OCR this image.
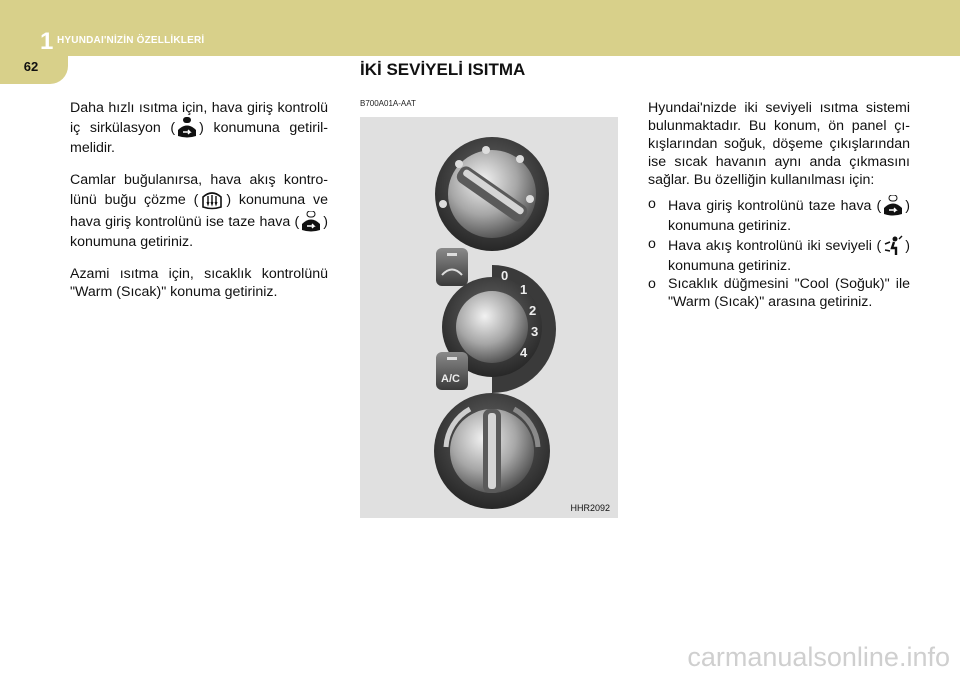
1 HYUNDAI'NİZİN ÖZELLİKLERİ
62	İKİ SEVİYELİ ISITMA

Daha hızlı ısıtma için, hava giriş kontrolü iç sirkülasyon ( ) konumuna getiril-melidir.

Camlar buğulanırsa, hava akış kontro-lünü buğu çözme ( ) konumuna ve hava giriş kontrolünü ise taze hava ( ) konumuna getiriniz.

Azami ısıtma için, sıcaklık kontrolünü "Warm (Sıcak)" konuma getiriniz.

B700A01A-AAT
0
1
2
3
4
A/C
HHR2092

Hyundai'nizde iki seviyeli ısıtma sistemi bulunmaktadır. Bu konum, ön panel çı-kışlarından soğuk, döşeme çıkışlarından ise sıcak havanın aynı anda çıkmasını sağlar. Bu özelliğin kullanılması için:

o Hava giriş kontrolünü taze hava ( ) konumuna getiriniz.
o Hava akış kontrolünü iki seviyeli ( ) konumuna getiriniz.
o Sıcaklık düğmesini "Cool (Soğuk)" ile "Warm (Sıcak)" arasına getiriniz.
carmanualsonline.info
